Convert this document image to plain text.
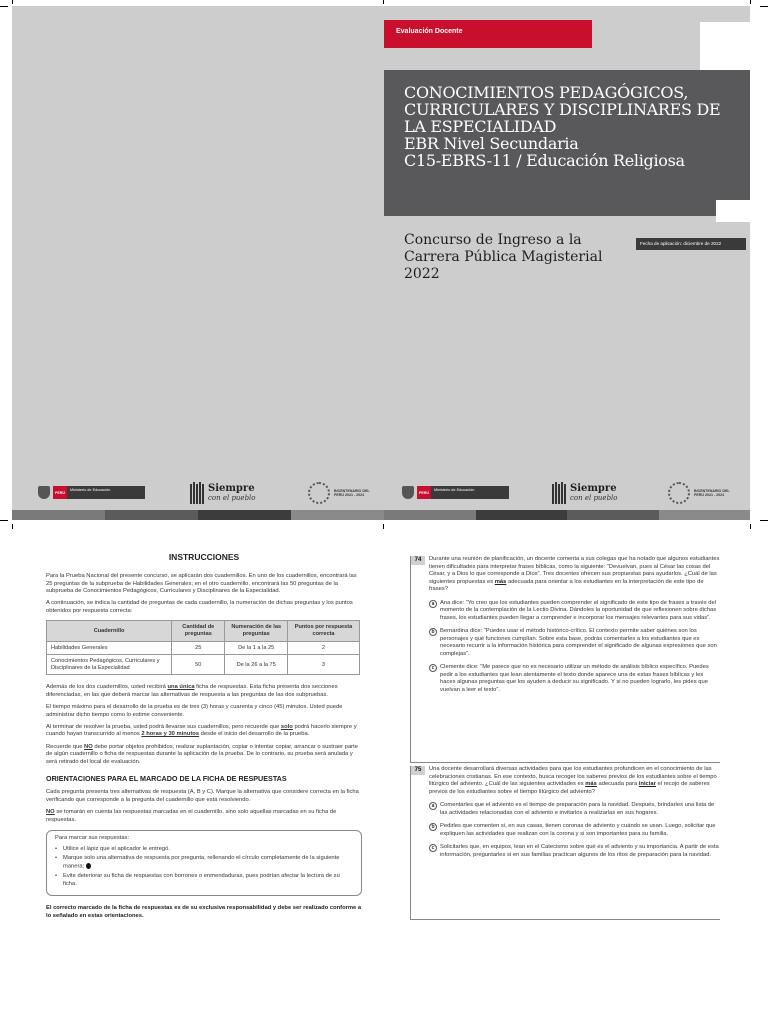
PERÚ
Ministerio de Educación	Siempre
con el pueblo
BICENTENARIO DEL PERÚ 2021 - 2024
Evaluación Docente
CONOCIMIENTOS PEDAGÓGICOS,
CURRICULARES Y DISCIPLINARES DE
LA ESPECIALIDAD
EBR Nivel Secundaria
C15-EBRS-11 / Educación Religiosa
Concurso de Ingreso a la
Carrera Pública Magisterial
2022
Fecha de aplicación: diciembre de 2022
PERÚ
Ministerio de Educación	Siempre
con el pueblo
BICENTENARIO DEL PERÚ 2021 - 2024
INSTRUCCIONES

Para la Prueba Nacional del presente concurso, se aplicarán dos cuadernillos. En uno de los cuadernillos, encontrará las 25 preguntas de la subprueba de Habilidades Generales; en el otro cuadernillo, encontrará las 50 preguntas de la subprueba de Conocimientos Pedagógicos, Curriculares y Disciplinares de la Especialidad.

A continuación, se indica la cantidad de preguntas de cada cuadernillo, la numeración de dichas preguntas y los puntos obtenidos por respuesta correcta:

Cuadernillo	Cantidad de preguntas	Numeración de las preguntas	Puntos por respuesta correcta
Habilidades Generales	25	De la 1 a la 25	2
Conocimientos Pedagógicos, Curriculares y Disciplinares de la Especialidad	50	De la 26 a la 75	3

Además de los dos cuadernillos, usted recibirá una única ficha de respuestas. Esta ficha presenta dos secciones diferenciadas, en las que deberá marcar las alternativas de respuesta a las preguntas de las dos subpruebas.

El tiempo máximo para el desarrollo de la prueba es de tres (3) horas y cuarenta y cinco (45) minutos. Usted puede administrar dicho tiempo como lo estime conveniente.

Al terminar de resolver la prueba, usted podrá llevarse sus cuadernillos, pero recuerde que solo podrá hacerlo siempre y cuando hayan transcurrido al menos 2 horas y 30 minutos desde el inicio del desarrollo de la prueba.

Recuerde que NO debe portar objetos prohibidos, realizar suplantación, copiar o intentar copiar, arrancar o sustraer parte de algún cuadernillo o ficha de respuestas durante la aplicación de la prueba. De lo contrario, su prueba será anulada y será retirado del local de evaluación.

ORIENTACIONES PARA EL MARCADO DE LA FICHA DE RESPUESTAS

Cada pregunta presenta tres alternativas de respuesta (A, B y C). Marque la alternativa que considere correcta en la ficha verificando que corresponde a la pregunta del cuadernillo que está resolviendo.

NO se tomarán en cuenta las respuestas marcadas en el cuadernillo, sino solo aquellas marcadas en su ficha de respuestas.

Para marcar sus respuestas:
• Utilice el lápiz que el aplicador le entregó.
• Marque solo una alternativa de respuesta por pregunta, rellenando el círculo completamente de la siguiente manera:
• Evite deteriorar su ficha de respuestas con borrones o enmendaduras, pues podrían afectar la lectura de su ficha.

El correcto marcado de la ficha de respuestas es de su exclusiva responsabilidad y debe ser realizado conforme a lo señalado en estas orientaciones.

74	Durante una reunión de planificación, un docente comenta a sus colegas que ha notado que algunos estudiantes tienen dificultades para interpretar frases bíblicas, como la siguiente: “Devuelvan, pues al César las cosas del César, y a Dios lo que corresponde a Dios”. Tres docentes ofrecen sus propuestas para ayudarlos. ¿Cuál de las siguientes propuestas es más adecuada para orientar a los estudiantes en la interpretación de este tipo de frases?
a Ana dice: “Yo creo que los estudiantes pueden comprender el significado de este tipo de frases a través del momento de la contemplación de la Lectio Divina. Dándoles la oportunidad de que reflexionen sobre dichas frases, los estudiantes pueden llegar a comprender e incorporar los mensajes relevantes para sus vidas”.
b Bernardina dice: “Puedes usar el método histórico-crítico. El contexto permite saber quiénes son los personajes y qué funciones cumplían. Sobre esta base, podrás comentarles a los estudiantes que es necesario recurrir a la información histórica para comprender el significado de algunas expresiones que son complejas”.
c Clemente dice: “Me parece que no es necesario utilizar un método de análisis bíblico específico. Puedes pedir a los estudiantes que lean atentamente el texto donde aparece una de estas frases bíblicas y les haces algunas preguntas que los ayuden a deducir su significado. Y si no pueden lograrlo, les pides que vuelvan a leer el texto”.
75	Una docente desarrollará diversas actividades para que los estudiantes profundicen en el conocimiento de las celebraciones cristianas. En ese contexto, busca recoger los saberes previos de los estudiantes sobre el tiempo litúrgico del adviento. ¿Cuál de las siguientes actividades es más adecuada para iniciar el recojo de saberes previos de los estudiantes sobre el tiempo litúrgico del adviento?
a Comentarles que el adviento es el tiempo de preparación para la navidad. Después, brindarles una lista de las actividades relacionadas con el adviento e invitarlos a realizarlas en sus hogares.
b Pedirles que comenten si, en sus casas, tienen coronas de adviento y cuándo se usan. Luego, solicitar que expliquen las actividades que realizan con la corona y si son importantes para su familia.
c Solicitarles que, en equipos, lean en el Catecismo sobre qué es el adviento y su importancia. A partir de esta información, preguntarles si en sus familias practican algunos de los ritos de preparación para la navidad.
